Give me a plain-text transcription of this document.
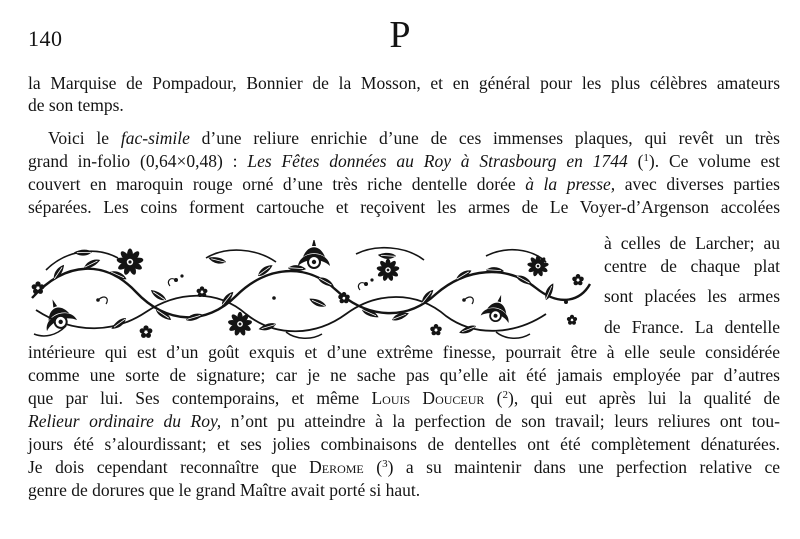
140	P
la Marquise de Pompadour, Bonnier de la Mosson, et en général pour les plus célèbres amateurs
de son temps.
Voici le fac-simile d’une reliure enrichie d’une de ces immenses plaques, qui revêt un très
grand in-folio (0,64×0,48) : Les Fêtes données au Roy à Strasbourg en 1744 ($^1$). Ce volume est
couvert en maroquin rouge orné d’une très riche dentelle dorée à la presse, avec diverses parties
séparées. Les coins forment cartouche et reçoivent les armes de Le Voyer-d’Argenson accolées
à celles de Larcher; au
centre de chaque plat
sont placées les armes
de France. La dentelle
intérieure qui est d’un goût exquis et d’une extrême finesse, pourrait être à elle seule considérée
comme une sorte de signature; car je ne sache pas qu’elle ait été jamais employée par d’autres
que par lui. Ses contemporains, et même Louis Douceur ($^2$), qui eut après lui la qualité de
Relieur ordinaire du Roy, n’ont pu atteindre à la perfection de son travail; leurs reliures ont tou-
jours été s’alourdissant; et ses jolies combinaisons de dentelles ont été complètement dénaturées.
Je dois cependant reconnaître que Derome ($^3$) a su maintenir dans une perfection relative ce
genre de dorures que le grand Maître avait porté si haut.
